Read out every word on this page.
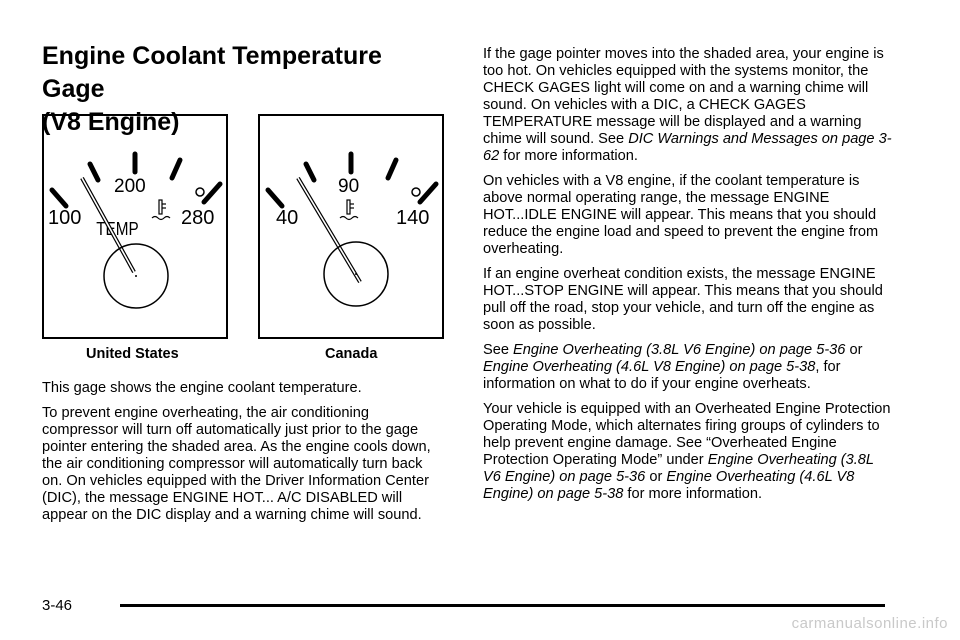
Engine Coolant Temperature Gage
(V8 Engine)
200
100	280
TEMP
90
40	140
United States	Canada

This gage shows the engine coolant temperature.

To prevent engine overheating, the air conditioning compressor will turn off automatically just prior to the gage pointer entering the shaded area. As the engine cools down, the air conditioning compressor will automatically turn back on. On vehicles equipped with the Driver Information Center (DIC), the message ENGINE HOT... A/C DISABLED will appear on the DIC display and a warning chime will sound.

If the gage pointer moves into the shaded area, your engine is too hot. On vehicles equipped with the systems monitor, the CHECK GAGES light will come on and a warning chime will sound. On vehicles with a DIC, a CHECK GAGES TEMPERATURE message will be displayed and a warning chime will sound. See DIC Warnings and Messages on page 3-62 for more information.

On vehicles with a V8 engine, if the coolant temperature is above normal operating range, the message ENGINE HOT...IDLE ENGINE will appear. This means that you should reduce the engine load and speed to prevent the engine from overheating.

If an engine overheat condition exists, the message ENGINE HOT...STOP ENGINE will appear. This means that you should pull off the road, stop your vehicle, and turn off the engine as soon as possible.

See Engine Overheating (3.8L V6 Engine) on page 5-36 or Engine Overheating (4.6L V8 Engine) on page 5-38, for information on what to do if your engine overheats.

Your vehicle is equipped with an Overheated Engine Protection Operating Mode, which alternates firing groups of cylinders to help prevent engine damage. See “Overheated Engine Protection Operating Mode” under Engine Overheating (3.8L V6 Engine) on page 5-36 or Engine Overheating (4.6L V8 Engine) on page 5-38 for more information.

3-46
carmanualsonline.info
